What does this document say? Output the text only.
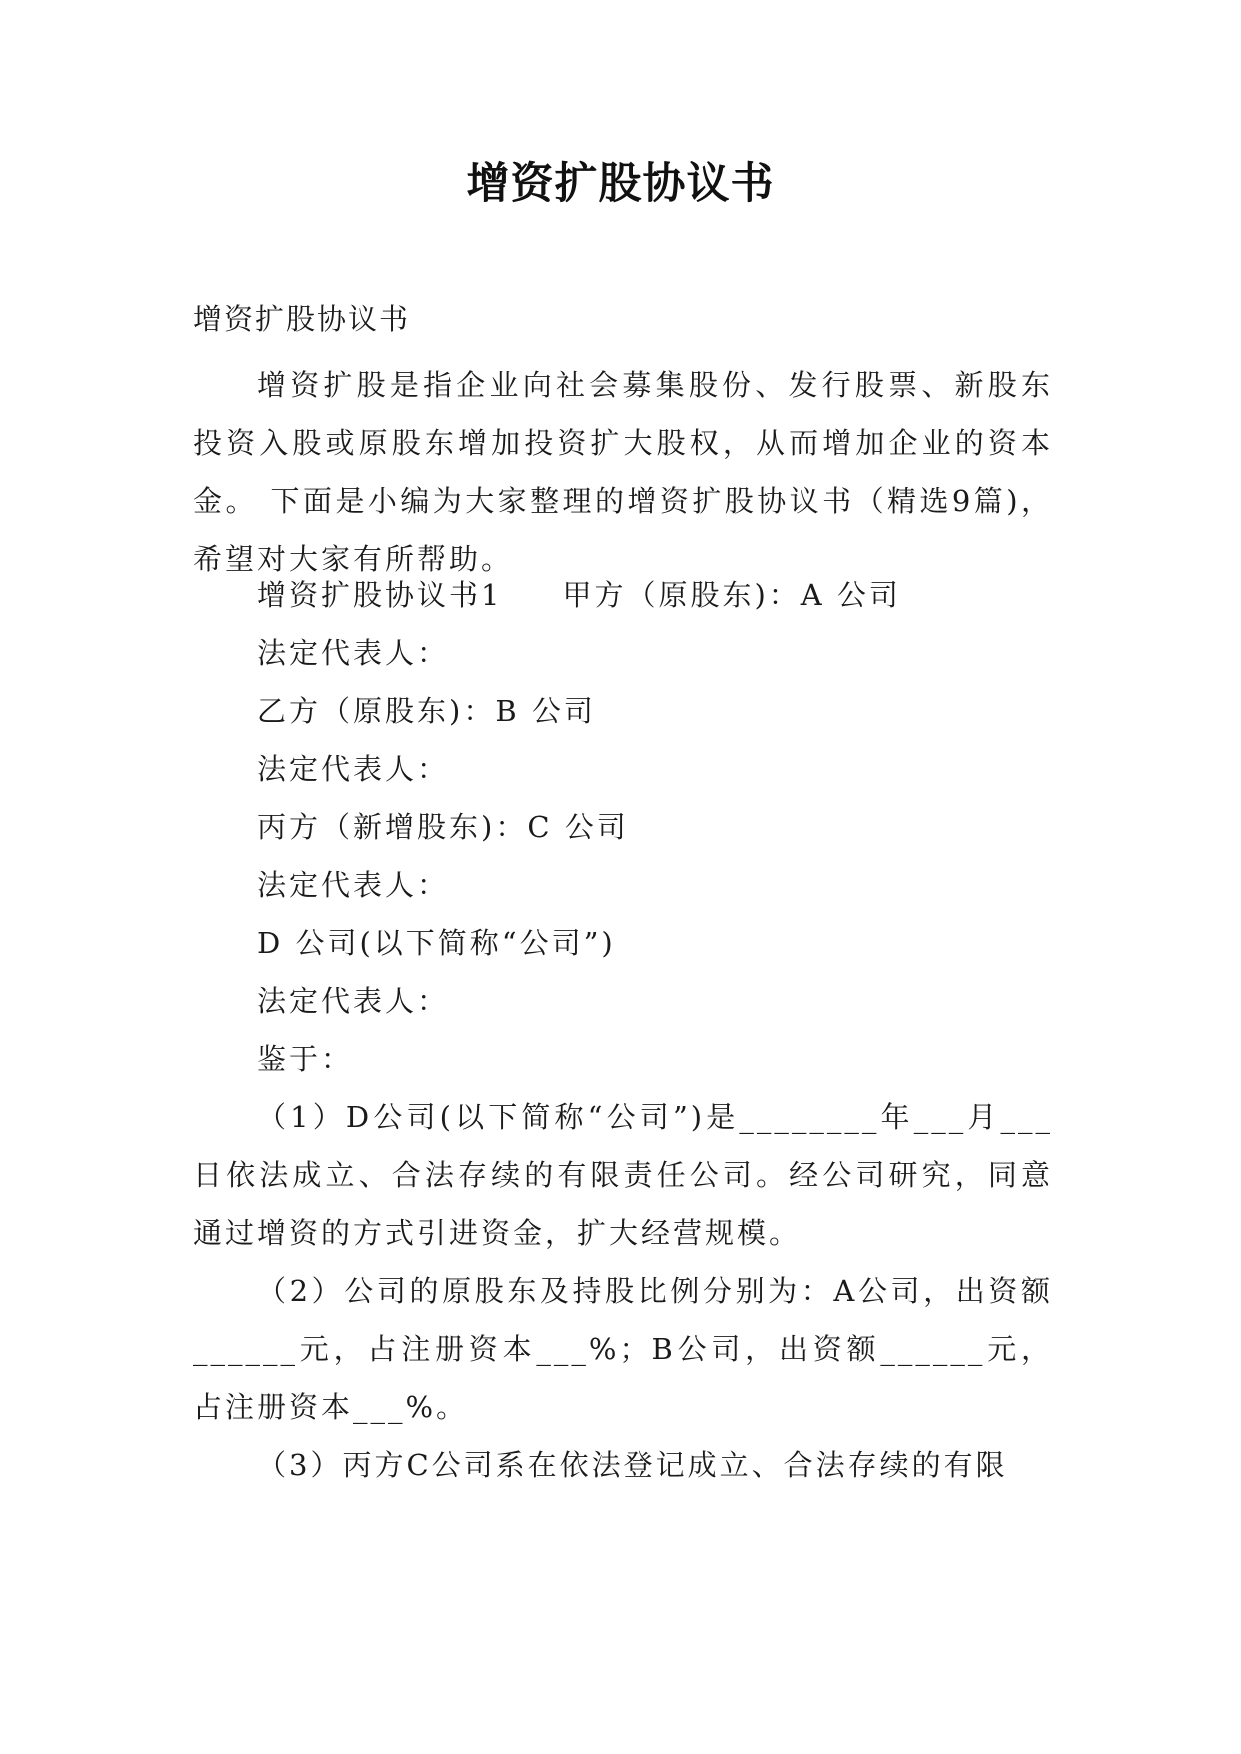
增资扩股协议书
增资扩股协议书

增资扩股是指企业向社会募集股份、发行股票、新股东投资入股或原股东增加投资扩大股权，从而增加企业的资本金。 下面是小编为大家整理的增资扩股协议书（精选9篇)，希望对大家有所帮助。

增资扩股协议书1 甲方（原股东)：A 公司

法定代表人：

乙方（原股东)：B 公司

法定代表人：

丙方（新增股东)：C 公司

法定代表人：

D 公司(以下简称“公司”)

法定代表人：

鉴于：

（1）D公司(以下简称“公司”)是________年___月___日依法成立、合法存续的有限责任公司。经公司研究，同意通过增资的方式引进资金，扩大经营规模。

（2）公司的原股东及持股比例分别为：A公司，出资额______元，占注册资本___%；B公司，出资额______元，占注册资本___%。

（3）丙方C公司系在依法登记成立、合法存续的有限
